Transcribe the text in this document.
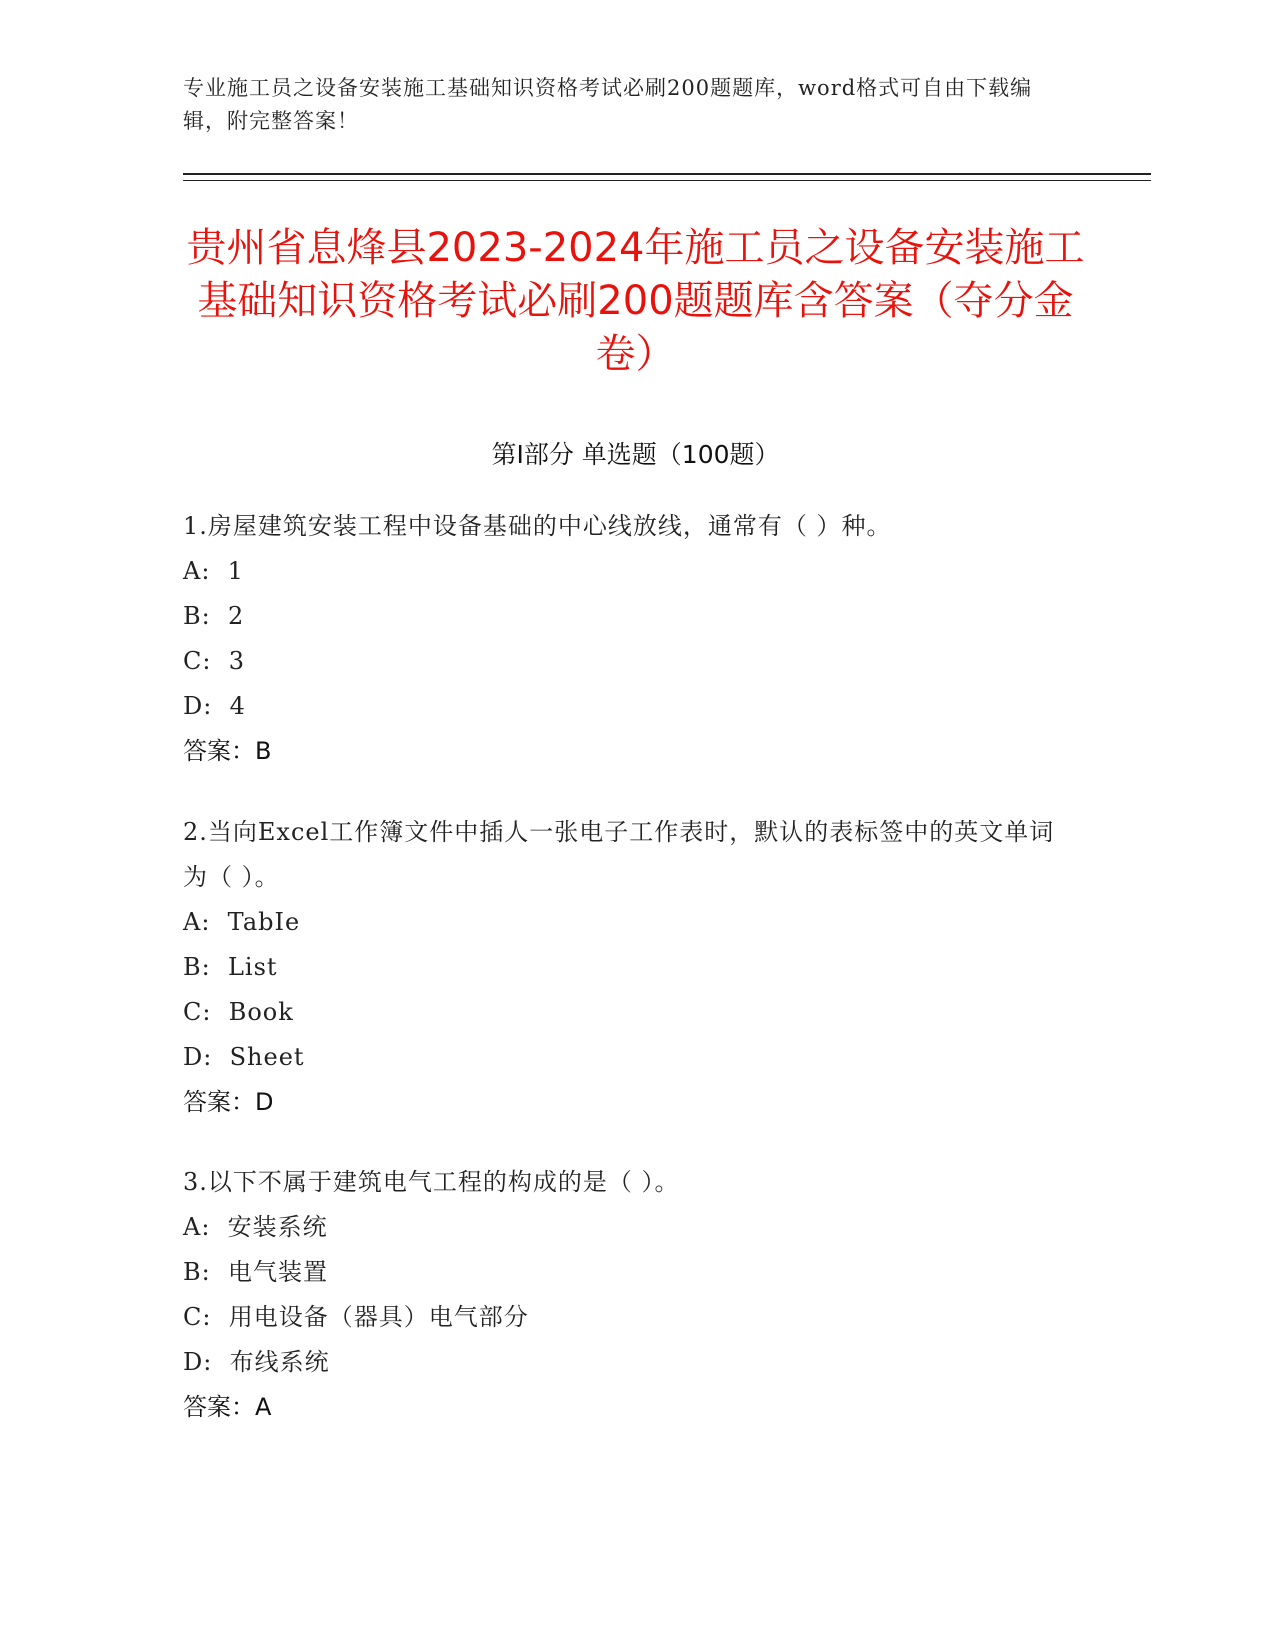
专业施工员之设备安装施工基础知识资格考试必刷200题题库，word格式可自由下载编辑，附完整答案！
贵州省息烽县2023-2024年施工员之设备安装施工基础知识资格考试必刷200题题库含答案（夺分金卷）
第I部分 单选题（100题）

1.房屋建筑安装工程中设备基础的中心线放线，通常有（ ）种。

A:  1

B:  2

C:  3

D:  4

答案：B

2.当向Excel工作簿文件中插人一张电子工作表时，默认的表标签中的英文单词为（ ）。

A:  TabIe

B:  List

C:  Book

D:  Sheet

答案：D

3.以下不属于建筑电气工程的构成的是（ ）。

A:  安装系统

B:  电气装置

C:  用电设备（器具）电气部分

D:  布线系统

答案：A
